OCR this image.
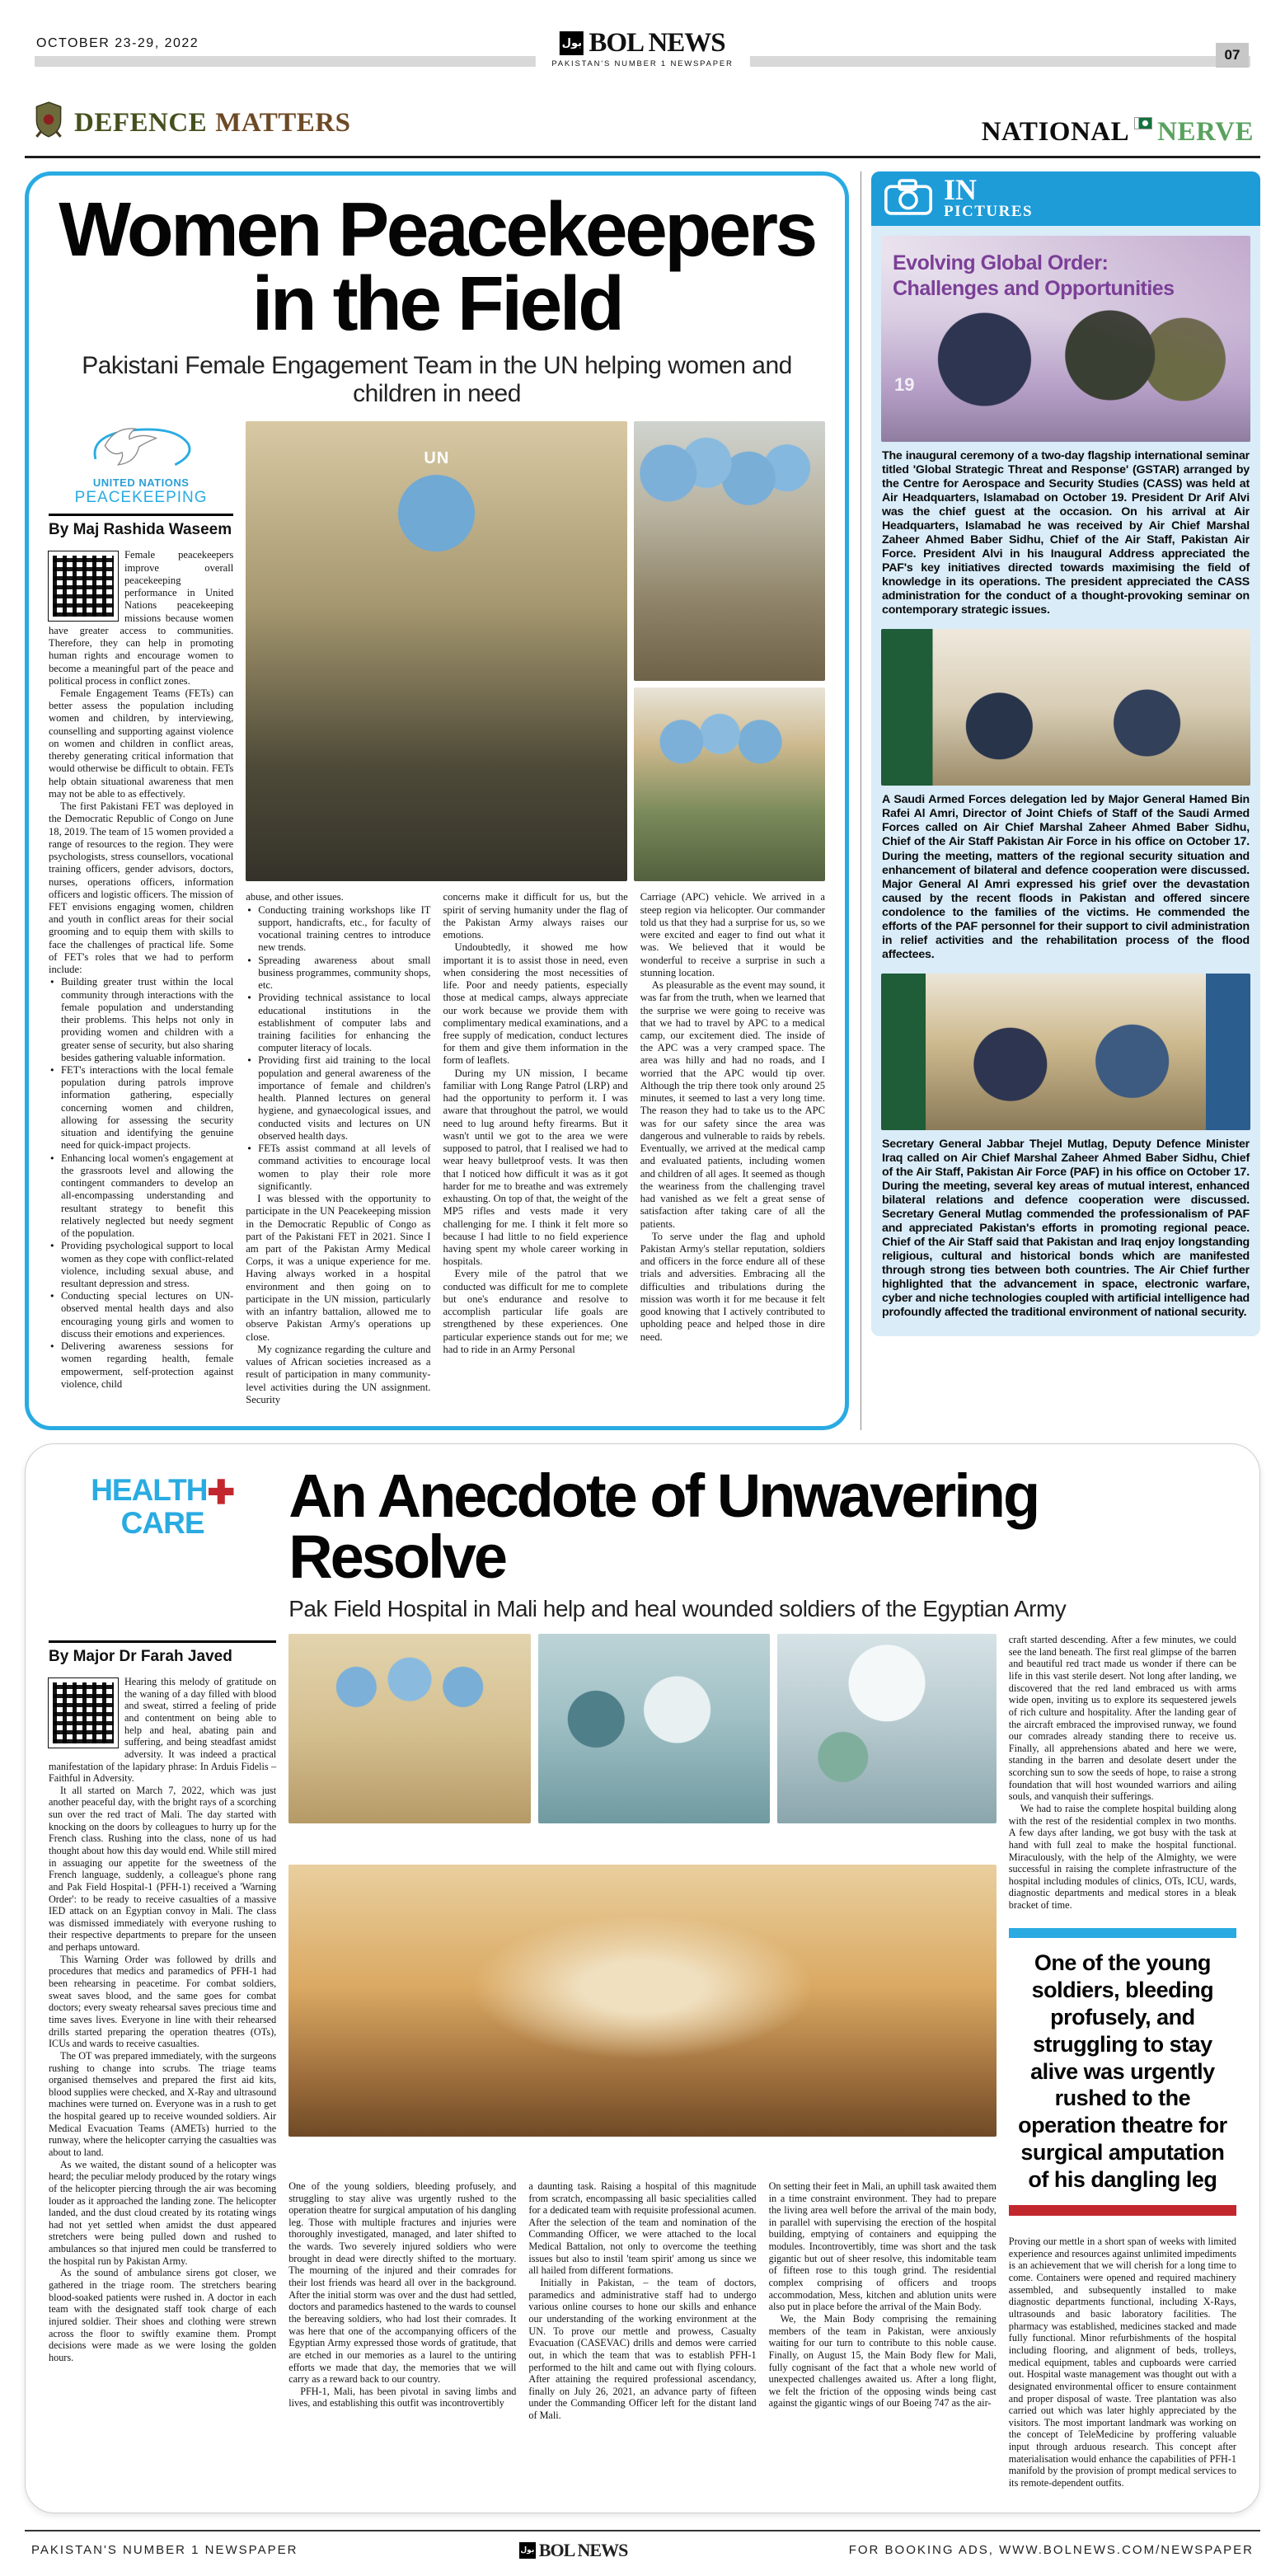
OCTOBER 23-29, 2022	بول BOL NEWS
PAKISTAN'S NUMBER 1 NEWSPAPER
07
DEFENCE MATTERS	NATIONAL NERVE
Women Peacekeepers in the Field
Pakistani Female Engagement Team in the UN helping women and children in need
UNITED NATIONS
PEACEKEEPING
By Maj Rashida Waseem

Female peacekeepers improve overall peacekeeping performance in United Nations peacekeeping missions because women have greater access to communities. Therefore, they can help in promoting human rights and encourage women to become a meaningful part of the peace and political process in conflict zones.

Female Engagement Teams (FETs) can better assess the population including women and children, by interviewing, counselling and supporting against violence on women and children in conflict areas, thereby generating critical information that would otherwise be difficult to obtain. FETs help obtain situational awareness that men may not be able to as effectively.

The first Pakistani FET was deployed in the Democratic Republic of Congo on June 18, 2019. The team of 15 women provided a range of resources to the region. They were psychologists, stress counsellors, vocational training officers, gender advisors, doctors, nurses, operations officers, information officers and logistic officers. The mission of FET envisions engaging women, children and youth in conflict areas for their social grooming and to equip them with skills to face the challenges of practical life. Some of FET's roles that we had to perform include:

● Building greater trust within the local community through interactions with the female population and understanding their problems. This helps not only in providing women and children with a greater sense of security, but also sharing besides gathering valuable information.

● FET's interactions with the local female population during patrols improve information gathering, especially concerning women and children, allowing for assessing the security situation and identifying the genuine need for quick-impact projects.

● Enhancing local women's engagement at the grassroots level and allowing the contingent commanders to develop an all-encompassing understanding and resultant strategy to benefit this relatively neglected but needy segment of the population.

● Providing psychological support to local women as they cope with conflict-related violence, including sexual abuse, and resultant depression and stress.

● Conducting special lectures on UN-observed mental health days and also encouraging young girls and women to discuss their emotions and experiences.

● Delivering awareness sessions for women regarding health, female empowerment, self-protection against violence, child

UN

abuse, and other issues.

● Conducting training workshops like IT support, handicrafts, etc., for faculty of vocational training centres to introduce new trends.

● Spreading awareness about small business programmes, community shops, etc.

● Providing technical assistance to local educational institutions in the establishment of computer labs and training facilities for enhancing the computer literacy of locals.

● Providing first aid training to the local population and general awareness of the importance of female and children's health. Planned lectures on general hygiene, and gynaecological issues, and conducted visits and lectures on UN observed health days.

● FETs assist command at all levels of command activities to encourage local women to play their role more significantly.

I was blessed with the opportunity to participate in the UN Peacekeeping mission in the Democratic Republic of Congo as part of the Pakistani FET in 2021. Since I am part of the Pakistan Army Medical Corps, it was a unique experience for me. Having always worked in a hospital environment and then going on to participate in the UN mission, particularly with an infantry battalion, allowed me to observe Pakistan Army's operations up close.

My cognizance regarding the culture and values of African societies increased as a result of participation in many community-level activities during the UN assignment. Security

concerns make it difficult for us, but the spirit of serving humanity under the flag of the Pakistan Army always raises our emotions.

Undoubtedly, it showed me how important it is to assist those in need, even when considering the most necessities of life. Poor and needy patients, especially those at medical camps, always appreciate our work because we provide them with complimentary medical examinations, and a free supply of medication, conduct lectures for them and give them information in the form of leaflets.

During my UN mission, I became familiar with Long Range Patrol (LRP) and had the opportunity to perform it. I was aware that throughout the patrol, we would need to lug around hefty firearms. But it wasn't until we got to the area we were supposed to patrol, that I realised we had to wear heavy bulletproof vests. It was then that I noticed how difficult it was as it got harder for me to breathe and was extremely exhausting. On top of that, the weight of the MP5 rifles and vests made it very challenging for me. I think it felt more so because I had little to no field experience having spent my whole career working in hospitals.

Every mile of the patrol that we conducted was difficult for me to complete but one's endurance and resolve to accomplish particular life goals are strengthened by these experiences. One particular experience stands out for me; we had to ride in an Army Personal

Carriage (APC) vehicle. We arrived in a steep region via helicopter. Our commander told us that they had a surprise for us, so we were excited and eager to find out what it was. We believed that it would be wonderful to receive a surprise in such a stunning location.

As pleasurable as the event may sound, it was far from the truth, when we learned that the surprise we were going to receive was that we had to travel by APC to a medical camp, our excitement died. The inside of the APC was a very cramped space. The area was hilly and had no roads, and I worried that the APC would tip over. Although the trip there took only around 25 minutes, it seemed to last a very long time. The reason they had to take us to the APC was for our safety since the area was dangerous and vulnerable to raids by rebels. Eventually, we arrived at the medical camp and evaluated patients, including women and children of all ages. It seemed as though the weariness from the challenging travel had vanished as we felt a great sense of satisfaction after taking care of all the patients.

To serve under the flag and uphold Pakistan Army's stellar reputation, soldiers and officers in the force endure all of these trials and adversities. Embracing all the difficulties and tribulations during the mission was worth it for me because it felt good knowing that I actively contributed to upholding peace and helped those in dire need.

IN
PICTURES
Evolving Global Order:
Challenges and Opportunities
19
The inaugural ceremony of a two-day flagship international seminar titled 'Global Strategic Threat and Response' (GSTAR) arranged by the Centre for Aerospace and Security Studies (CASS) was held at Air Headquarters, Islamabad on October 19. President Dr Arif Alvi was the chief guest at the occasion. On his arrival at Air Headquarters, Islamabad he was received by Air Chief Marshal Zaheer Ahmed Baber Sidhu, Chief of the Air Staff, Pakistan Air Force. President Alvi in his Inaugural Address appreciated the PAF's key initiatives directed towards maximising the field of knowledge in its operations. The president appreciated the CASS administration for the conduct of a thought-provoking seminar on contemporary strategic issues.
A Saudi Armed Forces delegation led by Major General Hamed Bin Rafei Al Amri, Director of Joint Chiefs of Staff of the Saudi Armed Forces called on Air Chief Marshal Zaheer Ahmed Baber Sidhu, Chief of the Air Staff Pakistan Air Force in his office on October 17. During the meeting, matters of the regional security situation and enhancement of bilateral and defence cooperation were discussed. Major General Al Amri expressed his grief over the devastation caused by the recent floods in Pakistan and offered sincere condolence to the families of the victims. He commended the efforts of the PAF personnel for their support to civil administration in relief activities and the rehabilitation process of the flood affectees.
Secretary General Jabbar Thejel Mutlag, Deputy Defence Minister Iraq called on Air Chief Marshal Zaheer Ahmed Baber Sidhu, Chief of the Air Staff, Pakistan Air Force (PAF) in his office on October 17. During the meeting, several key areas of mutual interest, enhanced bilateral relations and defence cooperation were discussed. Secretary General Mutlag commended the professionalism of PAF and appreciated Pakistan's efforts in promoting regional peace. Chief of the Air Staff said that Pakistan and Iraq enjoy longstanding religious, cultural and historical bonds which are manifested through strong ties between both countries. The Air Chief further highlighted that the advancement in space, electronic warfare, cyber and niche technologies coupled with artificial intelligence had profoundly affected the traditional environment of national security.
HEALTH✚
CARE	An Anecdote of Unwavering Resolve
Pak Field Hospital in Mali help and heal wounded soldiers of the Egyptian Army
By Major Dr Farah Javed

Hearing this melody of gratitude on the waning of a day filled with blood and sweat, stirred a feeling of pride and contentment on being able to help and heal, abating pain and suffering, and being steadfast amidst adversity. It was indeed a practical manifestation of the lapidary phrase: In Arduis Fidelis – Faithful in Adversity.

It all started on March 7, 2022, which was just another peaceful day, with the bright rays of a scorching sun over the red tract of Mali. The day started with knocking on the doors by colleagues to hurry up for the French class. Rushing into the class, none of us had thought about how this day would end. While still mired in assuaging our appetite for the sweetness of the French language, suddenly, a colleague's phone rang and Pak Field Hospital-1 (PFH-1) received a 'Warning Order': to be ready to receive casualties of a massive IED attack on an Egyptian convoy in Mali. The class was dismissed immediately with everyone rushing to their respective departments to prepare for the unseen and perhaps untoward.

This Warning Order was followed by drills and procedures that medics and paramedics of PFH-1 had been rehearsing in peacetime. For combat soldiers, sweat saves blood, and the same goes for combat doctors; every sweaty rehearsal saves precious time and time saves lives. Everyone in line with their rehearsed drills started preparing the operation theatres (OTs), ICUs and wards to receive casualties.

The OT was prepared immediately, with the surgeons rushing to change into scrubs. The triage teams organised themselves and prepared the first aid kits, blood supplies were checked, and X-Ray and ultrasound machines were turned on. Everyone was in a rush to get the hospital geared up to receive wounded soldiers. Air Medical Evacuation Teams (AMETs) hurried to the runway, where the helicopter carrying the casualties was about to land.

As we waited, the distant sound of a helicopter was heard; the peculiar melody produced by the rotary wings of the helicopter piercing through the air was becoming louder as it approached the landing zone. The helicopter landed, and the dust cloud created by its rotating wings had not yet settled when amidst the dust appeared stretchers were being pulled down and rushed to ambulances so that injured men could be transferred to the hospital run by Pakistan Army.

As the sound of ambulance sirens got closer, we gathered in the triage room. The stretchers bearing blood-soaked patients were rushed in. A doctor in each team with the designated staff took charge of each injured soldier. Their shoes and clothing were strewn across the floor to swiftly examine them. Prompt decisions were made as we were losing the golden hours.

One of the young soldiers, bleeding profusely, and struggling to stay alive was urgently rushed to the operation theatre for surgical amputation of his dangling leg. Those with multiple fractures and injuries were thoroughly investigated, managed, and later shifted to the wards. Two severely injured soldiers who were brought in dead were directly shifted to the mortuary. The mourning of the injured and their comrades for their lost friends was heard all over in the background. After the initial storm was over and the dust had settled, doctors and paramedics hastened to the wards to counsel the bereaving soldiers, who had lost their comrades. It was here that one of the accompanying officers of the Egyptian Army expressed those words of gratitude, that are etched in our memories as a laurel to the untiring efforts we made that day, the memories that we will carry as a reward back to our country.

PFH-1, Mali, has been pivotal in saving limbs and lives, and establishing this outfit was incontrovertibly

a daunting task. Raising a hospital of this magnitude from scratch, encompassing all basic specialities called for a dedicated team with requisite professional acumen. After the selection of the team and nomination of the Commanding Officer, we were attached to the local Medical Battalion, not only to overcome the teething issues but also to instil 'team spirit' among us since we all hailed from different formations.

Initially in Pakistan, – the team of doctors, paramedics and administrative staff had to undergo various online courses to hone our skills and enhance our understanding of the working environment at the UN. To prove our mettle and prowess, Casualty Evacuation (CASEVAC) drills and demos were carried out, in which the team that was to establish PFH-1 performed to the hilt and came out with flying colours. After attaining the required professional ascendancy, finally on July 26, 2021, an advance party of fifteen under the Commanding Officer left for the distant land of Mali.

On setting their feet in Mali, an uphill task awaited them in a time constraint environment. They had to prepare the living area well before the arrival of the main body, in parallel with supervising the erection of the hospital building, emptying of containers and equipping the modules. Incontrovertibly, time was short and the task gigantic but out of sheer resolve, this indomitable team of fifteen rose to this tough grind. The residential complex comprising of officers and troops accommodation, Mess, kitchen and ablution units were also put in place before the arrival of the Main Body.

We, the Main Body comprising the remaining members of the team in Pakistan, were anxiously waiting for our turn to contribute to this noble cause. Finally, on August 15, the Main Body flew for Mali, fully cognisant of the fact that a whole new world of unexpected challenges awaited us. After a long flight, we felt the friction of the opposing winds being cast against the gigantic wings of our Boeing 747 as the air-

craft started descending. After a few minutes, we could see the land beneath. The first real glimpse of the barren and beautiful red tract made us wonder if there can be life in this vast sterile desert. Not long after landing, we discovered that the red land embraced us with arms wide open, inviting us to explore its sequestered jewels of rich culture and hospitality. After the landing gear of the aircraft embraced the improvised runway, we found our comrades already standing there to receive us. Finally, all apprehensions abated and here we were, standing in the barren and desolate desert under the scorching sun to sow the seeds of hope, to raise a strong foundation that will host wounded warriors and ailing souls, and vanquish their sufferings.

We had to raise the complete hospital building along with the rest of the residential complex in two months. A few days after landing, we got busy with the task at hand with full zeal to make the hospital functional. Miraculously, with the help of the Almighty, we were successful in raising the complete infrastructure of the hospital including modules of clinics, OTs, ICU, wards, diagnostic departments and medical stores in a bleak bracket of time.

One of the young soldiers, bleeding profusely, and struggling to stay alive was urgently rushed to the operation theatre for surgical amputation of his dangling leg

Proving our mettle in a short span of weeks with limited experience and resources against unlimited impediments is an achievement that we will cherish for a long time to come. Containers were opened and required machinery assembled, and subsequently installed to make diagnostic departments functional, including X-Rays, ultrasounds and basic laboratory facilities. The pharmacy was established, medicines stacked and made fully functional. Minor refurbishments of the hospital including flooring, and alignment of beds, trolleys, medical equipment, tables and cupboards were carried out. Hospital waste management was thought out with a designated environmental officer to ensure containment and proper disposal of waste. Tree plantation was also carried out which was later highly appreciated by the visitors. The most important landmark was working on the concept of TeleMedicine by proffering valuable input through arduous research. This concept after materialisation would enhance the capabilities of PFH-1 manifold by the provision of prompt medical services to its remote-dependent outfits.

PAKISTAN'S NUMBER 1 NEWSPAPER	بول BOL NEWS	FOR BOOKING ADS, WWW.BOLNEWS.COM/NEWSPAPER
